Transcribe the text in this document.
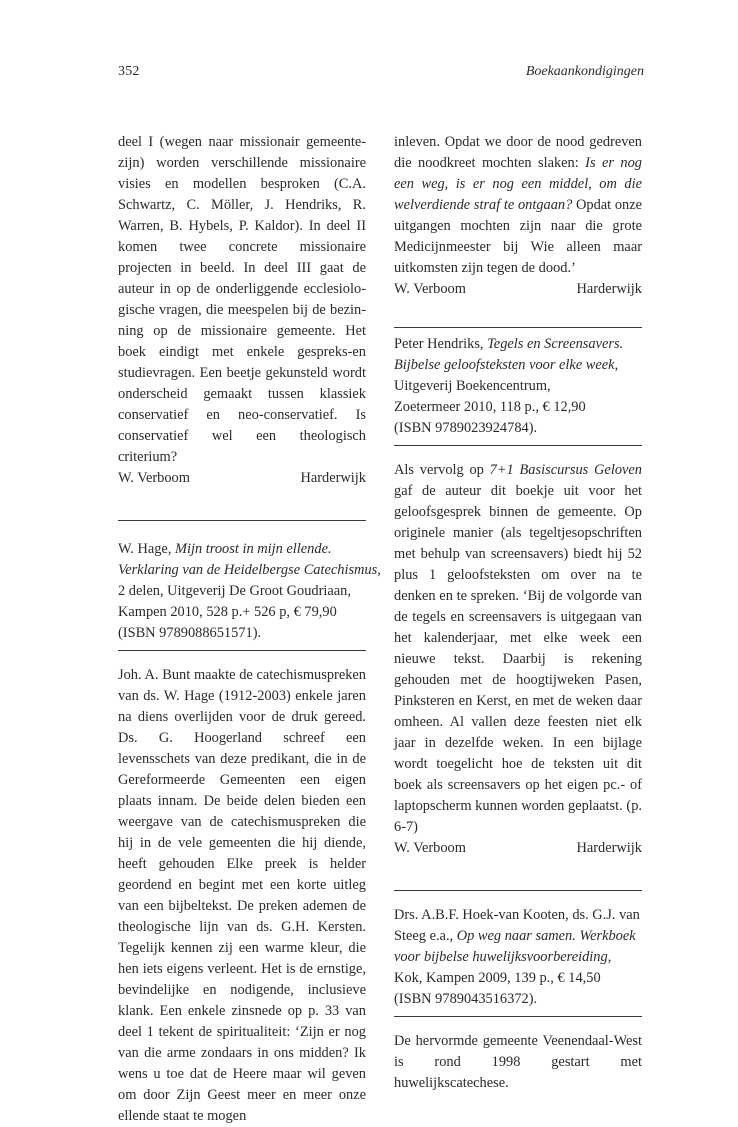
352	Boekaankondigingen

deel I (wegen naar missionair gemeentezijn) worden verschillende missionaire visies en modellen besproken (C.A. Schwartz, C. Möller, J. Hendriks, R. Warren, B. Hybels, P. Kaldor). In deel II komen twee concrete missionaire projecten in beeld. In deel III gaat de auteur in op de onderliggende ecclesiologische vragen, die meespelen bij de bezinning op de missionaire gemeente. Het boek eindigt met enkele gespreks-en studievragen. Een beetje gekunsteld wordt onderscheid gemaakt tussen klassiek conservatief en neo-conservatief. Is conservatief wel een theologisch criterium?

W. Verboom	Harderwijk
W. Hage, Mijn troost in mijn ellende.
Verklaring van de Heidelbergse Catechismus,
2 delen, Uitgeverij De Groot Goudriaan,
Kampen 2010, 528 p.+ 526 p, € 79,90
(ISBN 9789088651571).

Joh. A. Bunt maakte de catechismuspreken van ds. W. Hage (1912-2003) enkele jaren na diens overlijden voor de druk gereed. Ds. G. Hoogerland schreef een levensschets van deze predikant, die in de Gereformeerde Gemeenten een eigen plaats innam. De beide delen bieden een weergave van de catechismuspreken die hij in de vele gemeenten die hij diende, heeft gehouden Elke preek is helder geordend en begint met een korte uitleg van een bijbeltekst. De preken ademen de theologische lijn van ds. G.H. Kersten. Tegelijk kennen zij een warme kleur, die hen iets eigens verleent. Het is de ernstige, bevindelijke en nodigende, inclusieve klank. Een enkele zinsnede op p. 33 van deel 1 tekent de spiritualiteit: ‘Zijn er nog van die arme zondaars in ons midden? Ik wens u toe dat de Heere maar wil geven om door Zijn Geest meer en meer onze ellende staat te mogen

inleven. Opdat we door de nood gedreven die noodkreet mochten slaken: Is er nog een weg, is er nog een middel, om die welverdiende straf te ontgaan? Opdat onze uitgangen mochten zijn naar die grote Medicijnmeester bij Wie alleen maar uitkomsten zijn tegen de dood.’

W. Verboom	Harderwijk
Peter Hendriks, Tegels en Screensavers.
Bijbelse geloofsteksten voor elke week,
Uitgeverij Boekencentrum,
Zoetermeer 2010, 118 p., € 12,90
(ISBN 9789023924784).

Als vervolg op 7+1 Basiscursus Geloven gaf de auteur dit boekje uit voor het geloofsgesprek binnen de gemeente. Op originele manier (als tegeltjesopschriften met behulp van screensavers) biedt hij 52 plus 1 geloofsteksten om over na te denken en te spreken. ‘Bij de volgorde van de tegels en screensavers is uitgegaan van het kalenderjaar, met elke week een nieuwe tekst. Daarbij is rekening gehouden met de hoogtijweken Pasen, Pinksteren en Kerst, en met de weken daar omheen. Al vallen deze feesten niet elk jaar in dezelfde weken. In een bijlage wordt toegelicht hoe de teksten uit dit boek als screensavers op het eigen pc.- of laptopscherm kunnen worden geplaatst. (p. 6-7)

W. Verboom	Harderwijk
Drs. A.B.F. Hoek-van Kooten, ds. G.J. van
Steeg e.a., Op weg naar samen. Werkboek
voor bijbelse huwelijksvoorbereiding,
Kok, Kampen 2009, 139 p., € 14,50
(ISBN 9789043516372).

De hervormde gemeente Veenendaal-West is rond 1998 gestart met huwelijkscatechese.
